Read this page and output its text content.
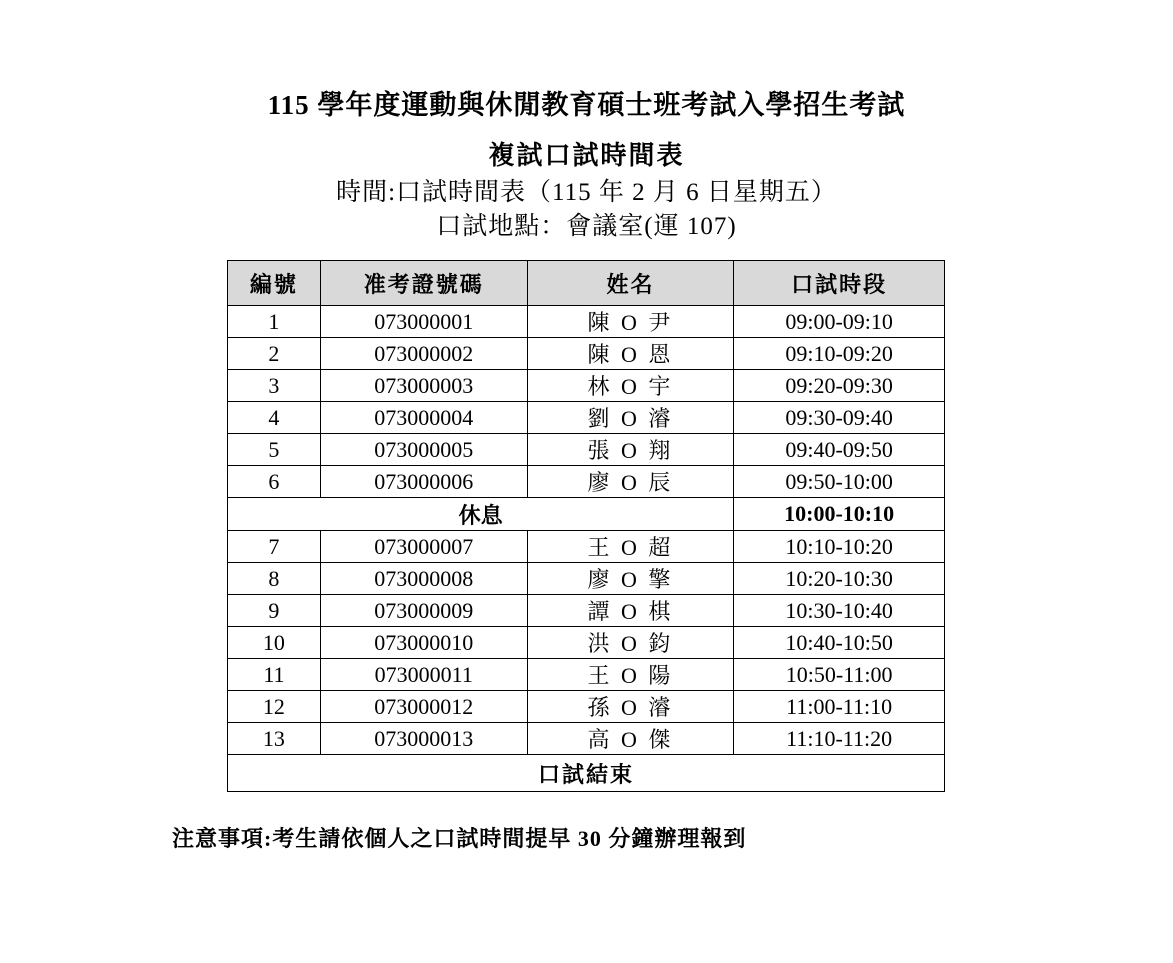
115 學年度運動與休閒教育碩士班考試入學招生考試
複試口試時間表
時間:口試時間表（115 年 2 月 6 日星期五）
口試地點：會議室(運 107)
編號	准考證號碼	姓名	口試時段
1	073000001	陳 O 尹	09:00-09:10
2	073000002	陳 O 恩	09:10-09:20
3	073000003	林 O 宇	09:20-09:30
4	073000004	劉 O 濬	09:30-09:40
5	073000005	張 O 翔	09:40-09:50
6	073000006	廖 O 辰	09:50-10:00
休息			10:00-10:10
7	073000007	王 O 超	10:10-10:20
8	073000008	廖 O 擎	10:20-10:30
9	073000009	譚 O 棋	10:30-10:40
10	073000010	洪 O 鈞	10:40-10:50
11	073000011	王 O 陽	10:50-11:00
12	073000012	孫 O 濬	11:00-11:10
13	073000013	高 O 傑	11:10-11:20
口試結束			
注意事項:考生請依個人之口試時間提早 30 分鐘辦理報到
